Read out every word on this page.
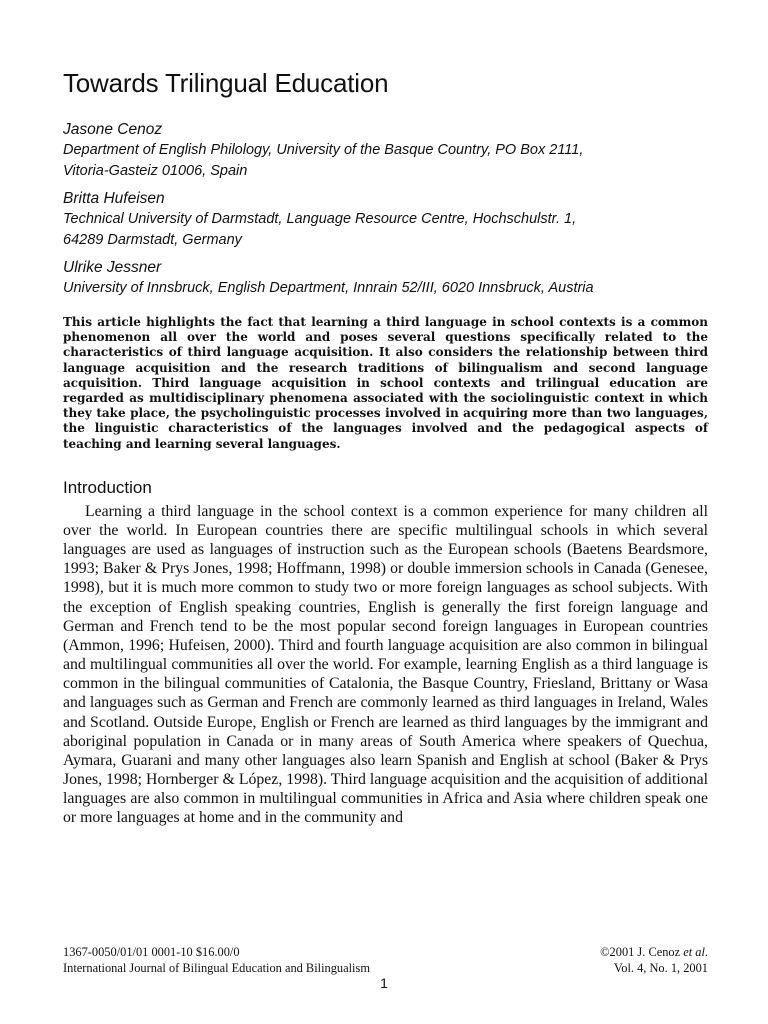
Towards Trilingual Education

Jasone Cenoz

Department of English Philology, University of the Basque Country, PO Box 2111,
Vitoria-Gasteiz 01006, Spain

Britta Hufeisen

Technical University of Darmstadt, Language Resource Centre, Hochschulstr. 1,
64289 Darmstadt, Germany

Ulrike Jessner

University of Innsbruck, English Department, Innrain 52/III, 6020 Innsbruck, Austria

This article highlights the fact that learning a third language in school contexts is a common phenomenon all over the world and poses several questions specifically related to the characteristics of third language acquisition. It also considers the relationship between third language acquisition and the research traditions of bilingualism and second language acquisition. Third language acquisition in school contexts and trilingual education are regarded as multidisciplinary phenomena associated with the sociolinguistic context in which they take place, the psycholinguistic processes involved in acquiring more than two languages, the linguistic characteristics of the languages involved and the pedagogical aspects of teaching and learning several languages.

Introduction

Learning a third language in the school context is a common experience for many children all over the world. In European countries there are specific multilingual schools in which several languages are used as languages of instruction such as the European schools (Baetens Beardsmore, 1993; Baker & Prys Jones, 1998; Hoffmann, 1998) or double immersion schools in Canada (Genesee, 1998), but it is much more common to study two or more foreign languages as school subjects. With the exception of English speaking countries, English is generally the first foreign language and German and French tend to be the most popular second foreign languages in European countries (Ammon, 1996; Hufeisen, 2000). Third and fourth language acquisition are also common in bilingual and multilingual communities all over the world. For example, learning English as a third language is common in the bilingual communities of Catalonia, the Basque Country, Friesland, Brittany or Wasa and languages such as German and French are commonly learned as third languages in Ireland, Wales and Scotland. Outside Europe, English or French are learned as third languages by the immigrant and aboriginal population in Canada or in many areas of South America where speakers of Quechua, Aymara, Guarani and many other languages also learn Spanish and English at school (Baker & Prys Jones, 1998; Hornberger & López, 1998). Third language acquisition and the acquisition of additional languages are also common in multilingual communities in Africa and Asia where children speak one or more languages at home and in the community and

1367-0050/01/01 0001-10 $16.00/0	©2001 J. Cenoz et al.
International Journal of Bilingual Education and Bilingualism	Vol. 4, No. 1, 2001
1
